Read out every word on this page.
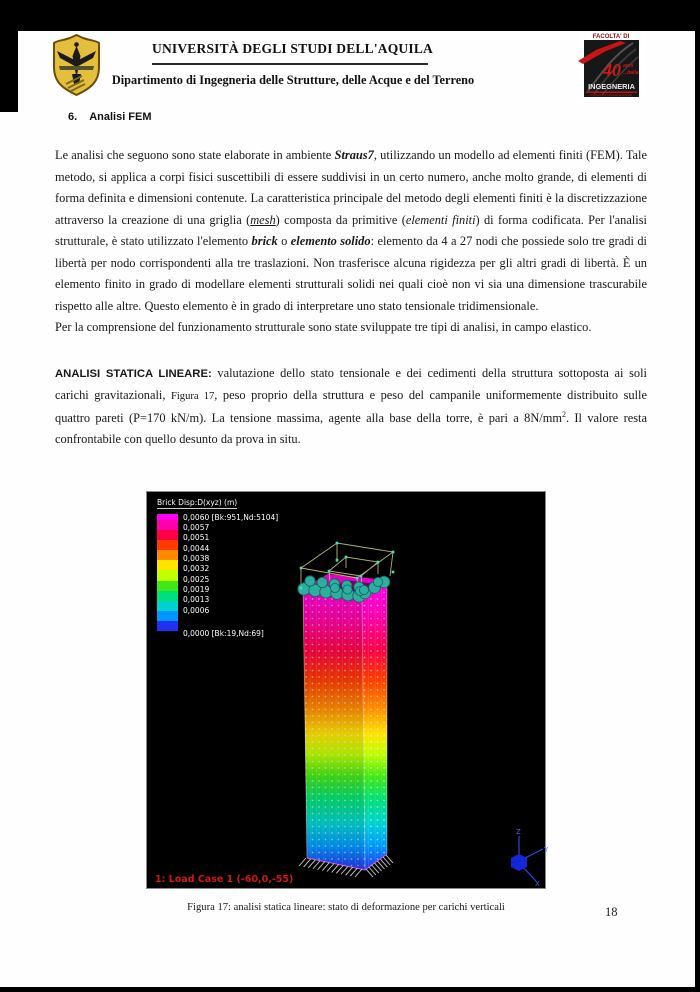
UNIVERSITÀ DEGLI STUDI DELL'AQUILA
Dipartimento di Ingegneria delle Strutture, delle Acque e del Terreno
FACOLTA' DI
40 anni
...Italia
INGEGNERIA
6. Analisi FEM

Le analisi che seguono sono state elaborate in ambiente Straus7, utilizzando un modello ad elementi finiti (FEM). Tale metodo, si applica a corpi fisici suscettibili di essere suddivisi in un certo numero, anche molto grande, di elementi di forma definita e dimensioni contenute. La caratteristica principale del metodo degli elementi finiti è la discretizzazione attraverso la creazione di una griglia (mesh) composta da primitive (elementi finiti) di forma codificata. Per l'analisi strutturale, è stato utilizzato l'elemento brick o elemento solido: elemento da 4 a 27 nodi che possiede solo tre gradi di libertà per nodo corrispondenti alla tre traslazioni. Non trasferisce alcuna rigidezza per gli altri gradi di libertà. È un elemento finito in grado di modellare elementi strutturali solidi nei quali cioè non vi sia una dimensione trascurabile rispetto alle altre. Questo elemento è in grado di interpretare uno stato tensionale tridimensionale.

Per la comprensione del funzionamento strutturale sono state sviluppate tre tipi di analisi, in campo elastico.

ANALISI STATICA LINEARE: valutazione dello stato tensionale e dei cedimenti della struttura sottoposta ai soli carichi gravitazionali, Figura 17, peso proprio della struttura e peso del campanile uniformemente distribuito sulle quattro pareti (P=170 kN/m). La tensione massima, agente alla base della torre, è pari a $8N/mm^2$. Il valore resta confrontabile con quello desunto da prova in situ.

Z
Y
X
Brick Disp:D(xyz) (m)
0,0060 [Bk:951,Nd:5104]
0,0057
0,0051
0,0044
0,0038
0,0032
0,0025
0,0019
0,0013
0,0006
0,0000 [Bk:19,Nd:69]
1: Load Case 1 (-60,0,-55)
Figura 17: analisi statica lineare: stato di deformazione per carichi verticali	18
